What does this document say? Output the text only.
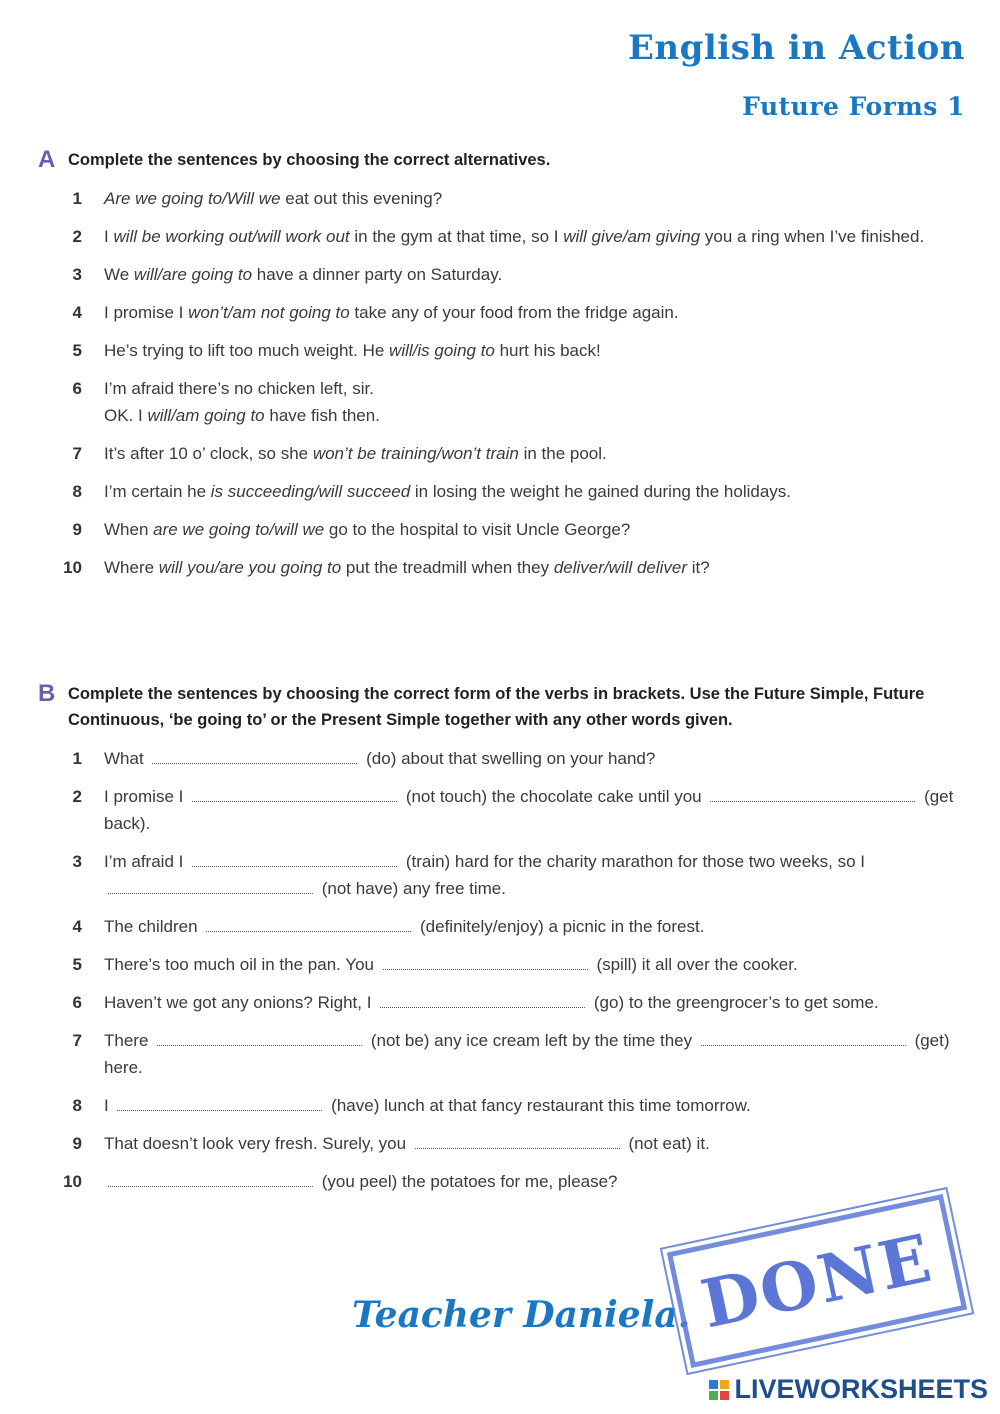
English in Action
Future Forms 1
A Complete the sentences by choosing the correct alternatives.
1	Are we going to/Will we eat out this evening?
2	I will be working out/will work out in the gym at that time, so I will give/am giving you a ring when I’ve finished.
3	We will/are going to have a dinner party on Saturday.
4	I promise I won’t/am not going to take any of your food from the fridge again.
5	He’s trying to lift too much weight. He will/is going to hurt his back!
6	I’m afraid there’s no chicken left, sir.
OK. I will/am going to have fish then.
7	It’s after 10 o’ clock, so she won’t be training/won’t train in the pool.
8	I’m certain he is succeeding/will succeed in losing the weight he gained during the holidays.
9	When are we going to/will we go to the hospital to visit Uncle George?
10	Where will you/are you going to put the treadmill when they deliver/will deliver it?
B Complete the sentences by choosing the correct form of the verbs in brackets. Use the Future Simple, Future Continuous, ‘be going to’ or the Present Simple together with any other words given.
1	What	(do) about that swelling on your hand?
2	I promise I	(not touch) the chocolate cake until you	(get back).
3	I’m afraid I	(train) hard for the charity marathon for those two weeks, so I  (not have) any free time.
4	The children	(definitely/enjoy) a picnic in the forest.
5	There’s too much oil in the pan. You	(spill) it all over the cooker.
6	Haven’t we got any onions? Right, I	(go) to the greengrocer’s to get some.
7	There	(not be) any ice cream left by the time they	(get) here.
8	I	(have) lunch at that fancy restaurant this time tomorrow.
9	That doesn’t look very fresh. Surely, you	(not eat) it.
10	(you peel) the potatoes for me, please?
Teacher Daniela. DONE
LIVEWORKSHEETS
